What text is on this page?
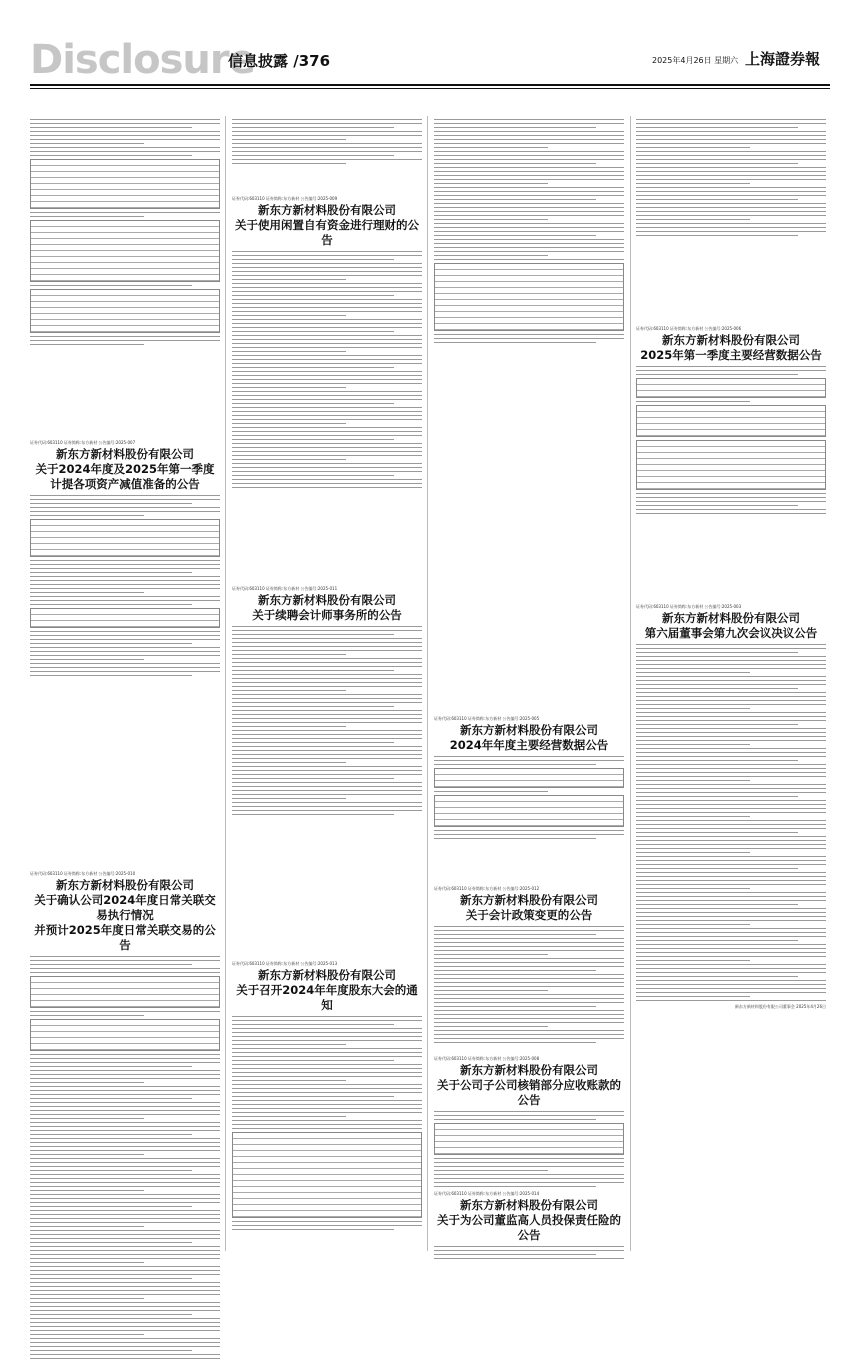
Disclosure
信息披露 /376	2025年4月26日 星期六 上海證券報
证券代码:603110 证券简称:东方新材 公告编号:2025-007
新东方新材料股份有限公司
关于2024年度及2025年第一季度
计提各项资产减值准备的公告
证券代码:603110 证券简称:东方新材 公告编号:2025-010
新东方新材料股份有限公司
关于确认公司2024年度日常关联交易执行情况
并预计2025年度日常关联交易的公告
证券代码:603110 证券简称:东方新材 公告编号:2025-009
新东方新材料股份有限公司
关于使用闲置自有资金进行理财的公告
证券代码:603110 证券简称:东方新材 公告编号:2025-011
新东方新材料股份有限公司
关于续聘会计师事务所的公告
证券代码:603110 证券简称:东方新材 公告编号:2025-013
新东方新材料股份有限公司
关于召开2024年年度股东大会的通知
证券代码:603110 证券简称:东方新材 公告编号:2025-005
新东方新材料股份有限公司
2024年年度主要经营数据公告
证券代码:603110 证券简称:东方新材 公告编号:2025-012
新东方新材料股份有限公司
关于会计政策变更的公告
证券代码:603110 证券简称:东方新材 公告编号:2025-008
新东方新材料股份有限公司
关于公司子公司核销部分应收账款的公告
证券代码:603110 证券简称:东方新材 公告编号:2025-014
新东方新材料股份有限公司
关于为公司董监高人员投保责任险的公告
证券代码:603110 证券简称:东方新材 公告编号:2025-006
新东方新材料股份有限公司
2025年第一季度主要经营数据公告
证券代码:603110 证券简称:东方新材 公告编号:2025-003
新东方新材料股份有限公司
第六届董事会第九次会议决议公告
新东方新材料股份有限公司董事会 2025年4月26日
